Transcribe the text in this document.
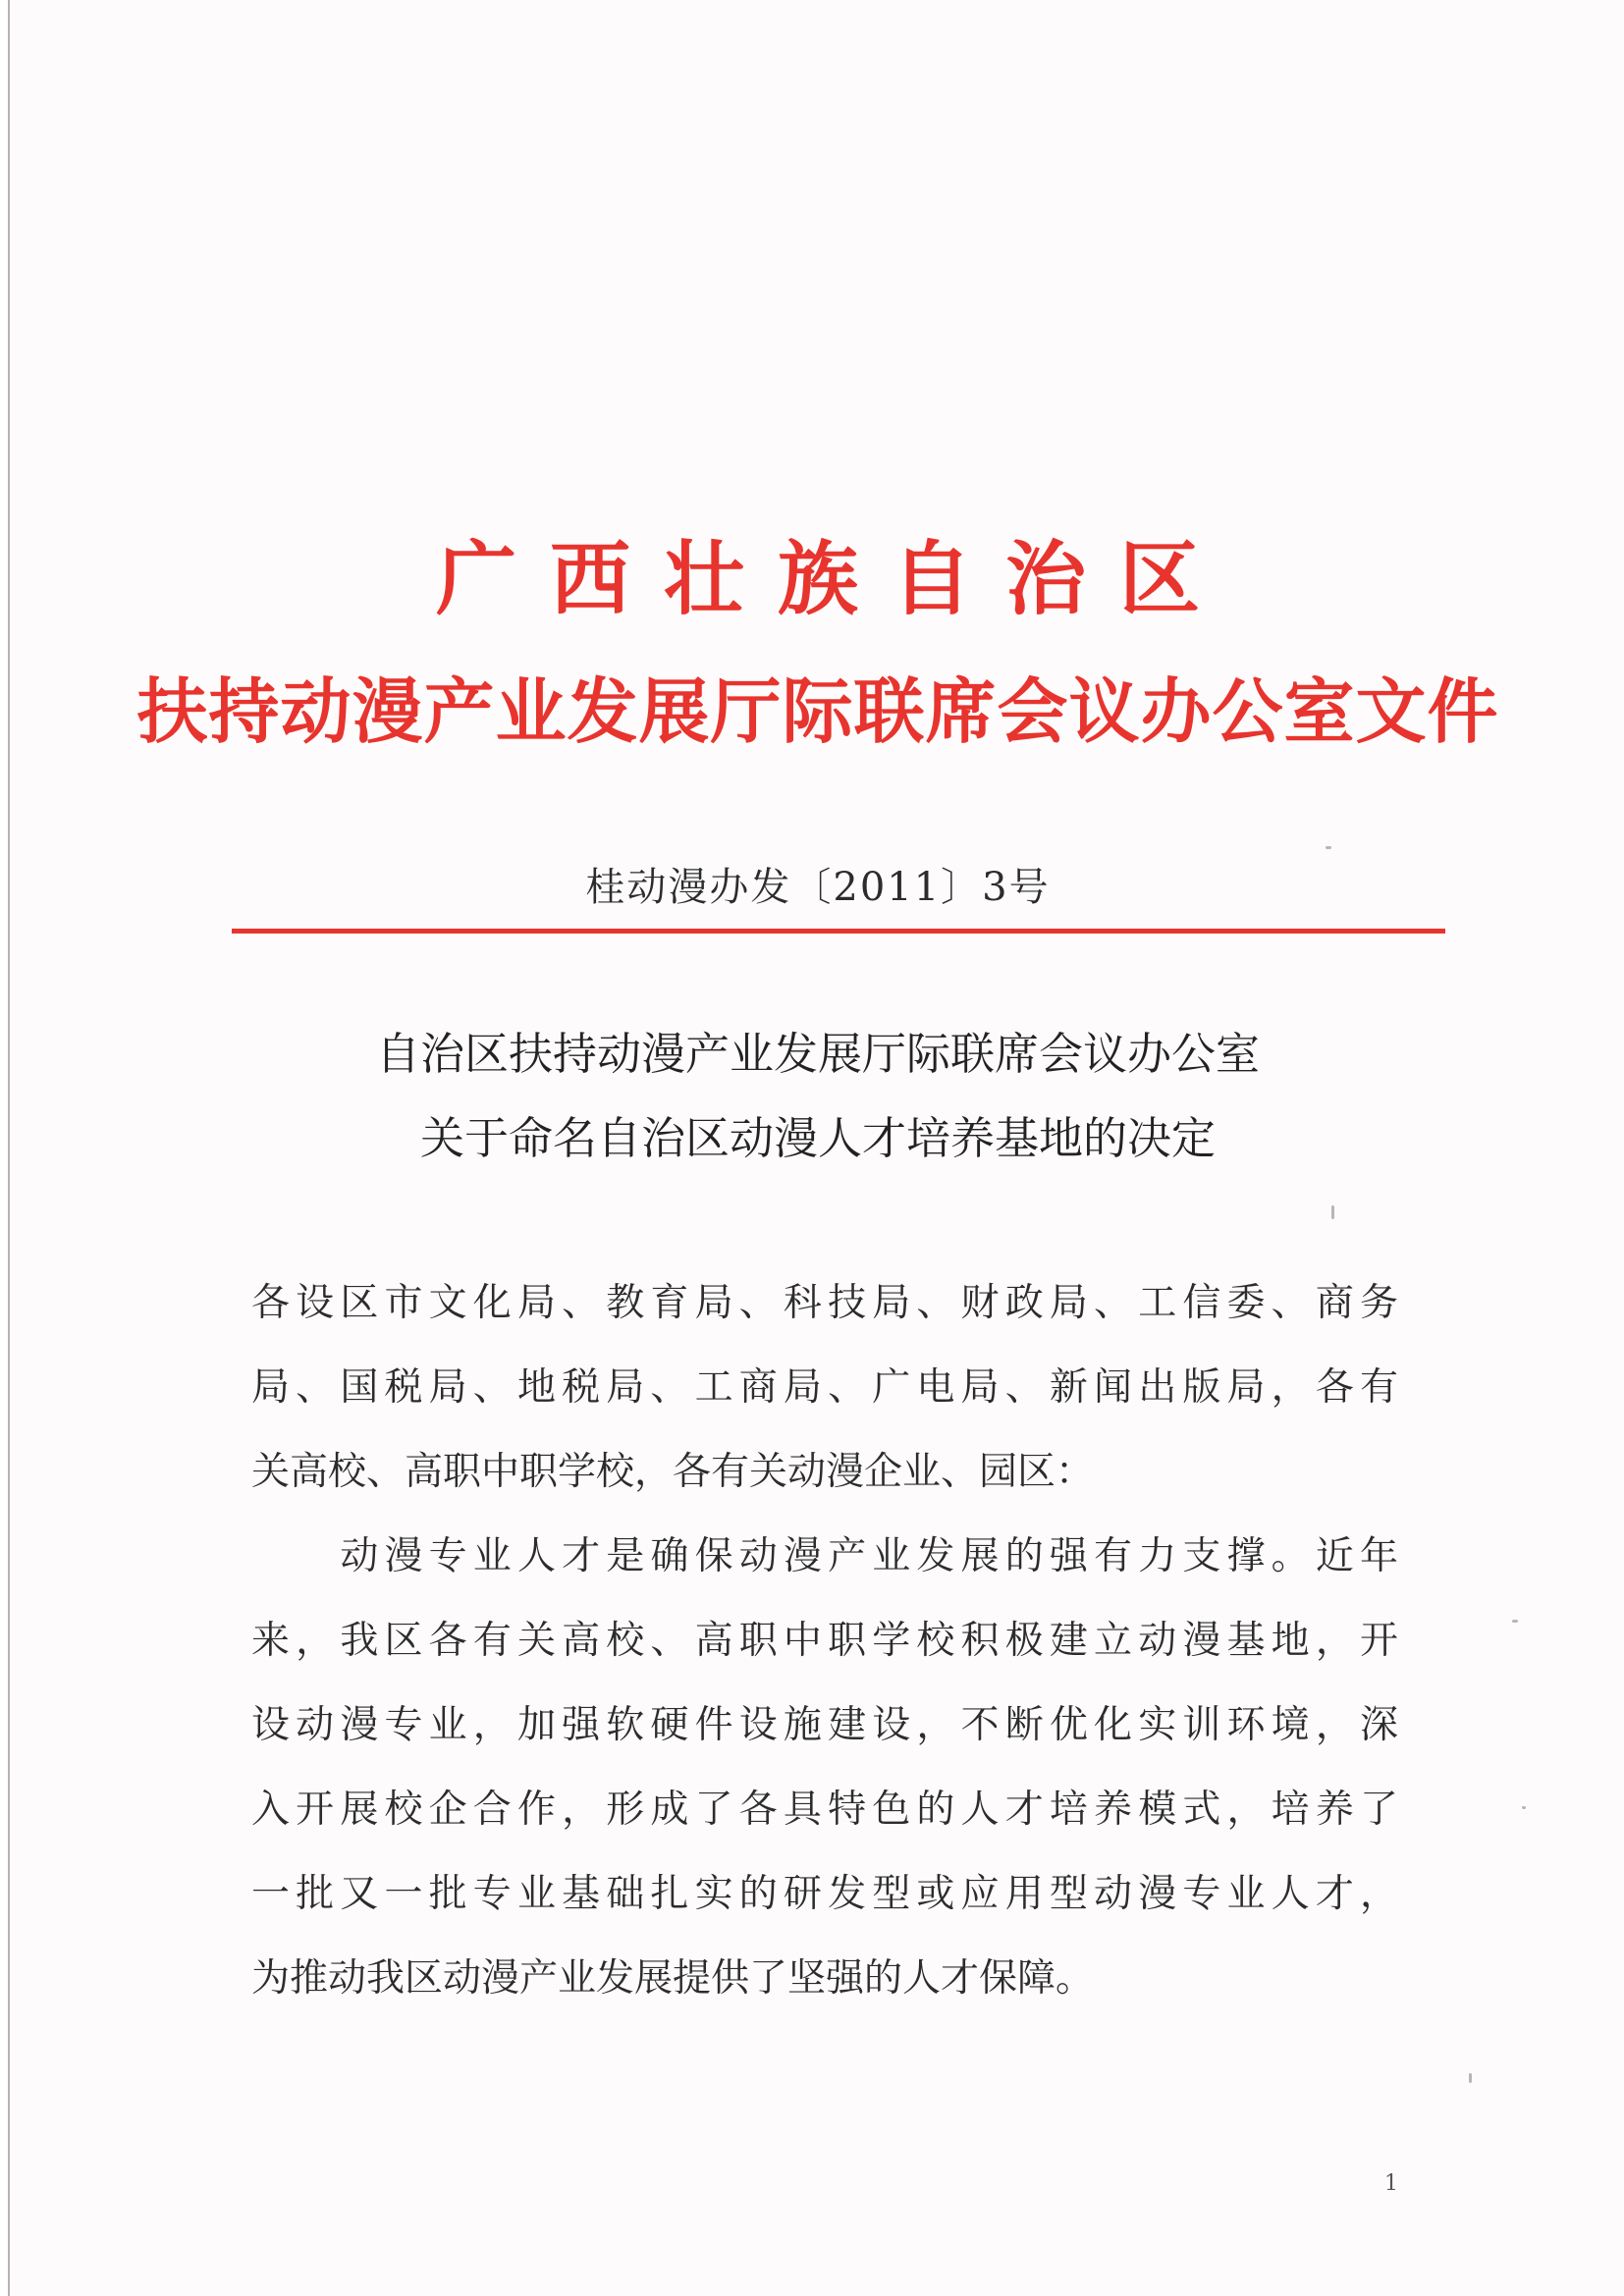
广西壮族自治区
扶持动漫产业发展厅际联席会议办公室文件
桂动漫办发〔2011〕3号
自治区扶持动漫产业发展厅际联席会议办公室
关于命名自治区动漫人才培养基地的决定
各设区市文化局、教育局、科技局、财政局、工信委、商务
局、国税局、地税局、工商局、广电局、新闻出版局，各有
关高校、高职中职学校，各有关动漫企业、园区：
　　动漫专业人才是确保动漫产业发展的强有力支撑。近年
来，我区各有关高校、高职中职学校积极建立动漫基地，开
设动漫专业，加强软硬件设施建设，不断优化实训环境，深
入开展校企合作，形成了各具特色的人才培养模式，培养了
一批又一批专业基础扎实的研发型或应用型动漫专业人才，
为推动我区动漫产业发展提供了坚强的人才保障。
1
